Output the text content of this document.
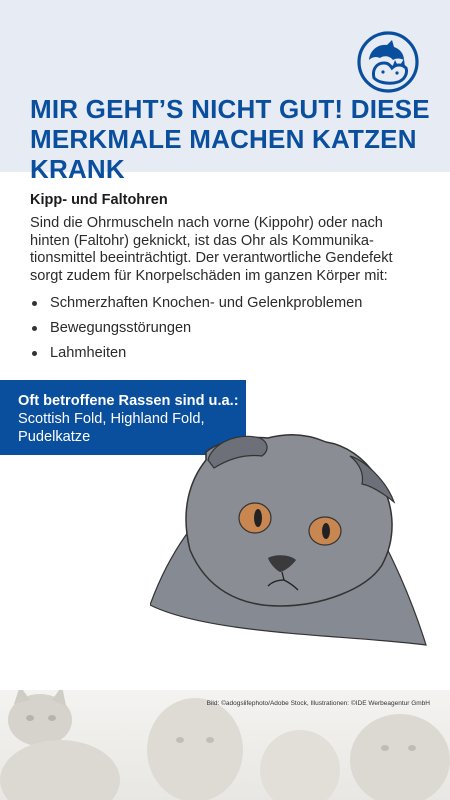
MIR GEHT’S NICHT GUT! DIESE
MERKMALE MACHEN KATZEN KRANK

Kipp- und Faltohren

Sind die Ohrmuscheln nach vorne (Kippohr) oder nach
hinten (Faltohr) geknickt, ist das Ohr als Kommunika-
tionsmittel beeinträchtigt. Der verantwortliche Gendefekt
sorgt zudem für Knorpelschäden im ganzen Körper mit:

Schmerzhaften Knochen- und Gelenkproblemen
Bewegungsstörungen
Lahmheiten

Oft betroffene Rassen sind u.a.:

Scottish Fold, Highland Fold,
Pudelkatze

Bild: ©adogslifephoto/Adobe Stock, Illustrationen: ©IDE Werbeagentur GmbH
